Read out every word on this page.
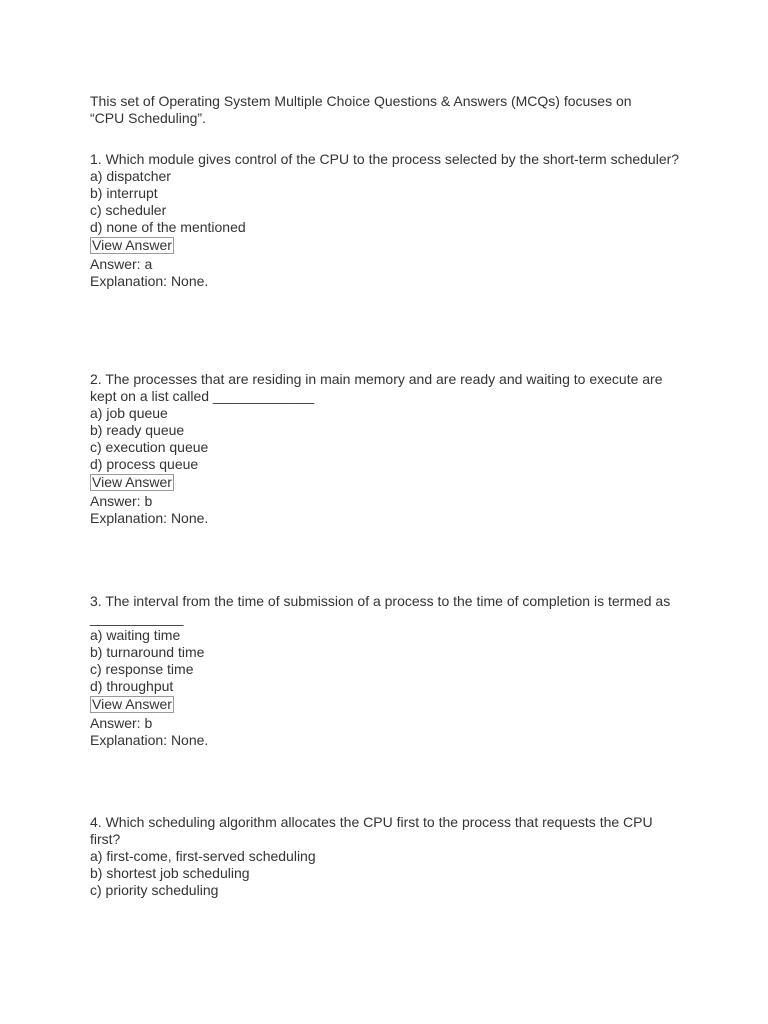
This set of Operating System Multiple Choice Questions & Answers (MCQs) focuses on “CPU Scheduling”.

1. Which module gives control of the CPU to the process selected by the short-term scheduler?

a) dispatcher

b) interrupt

c) scheduler

d) none of the mentioned

View Answer

Answer: a

Explanation: None.

2. The processes that are residing in main memory and are ready and waiting to execute are kept on a list called _____________

a) job queue

b) ready queue

c) execution queue

d) process queue

View Answer

Answer: b

Explanation: None.

3. The interval from the time of submission of a process to the time of completion is termed as ____________

a) waiting time

b) turnaround time

c) response time

d) throughput

View Answer

Answer: b

Explanation: None.

4. Which scheduling algorithm allocates the CPU first to the process that requests the CPU first?

a) first-come, first-served scheduling

b) shortest job scheduling

c) priority scheduling
